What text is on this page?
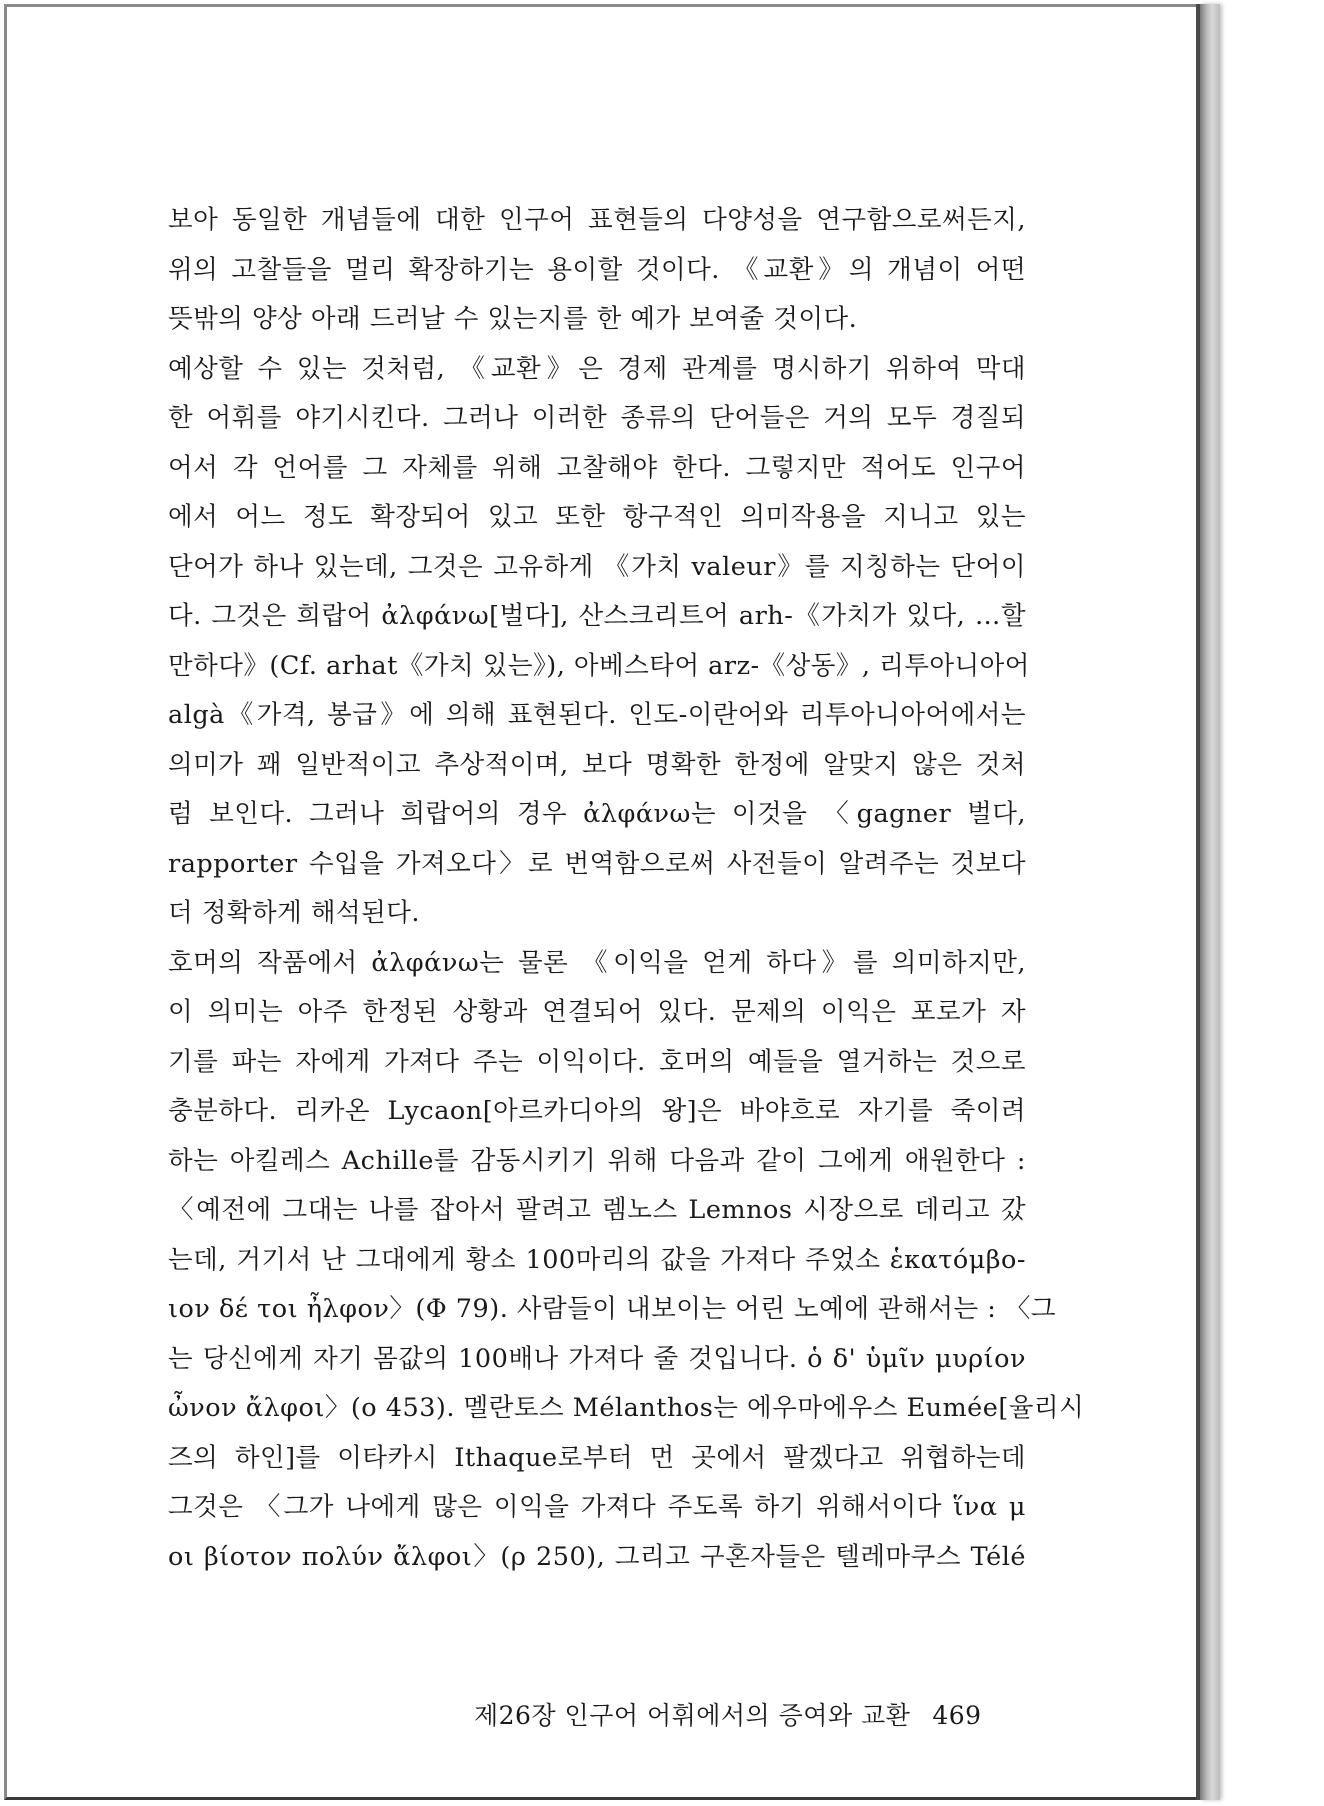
보아 동일한 개념들에 대한 인구어 표현들의 다양성을 연구함으로써든지,
위의 고찰들을 멀리 확장하기는 용이할 것이다. 《교환》의 개념이 어떤
뜻밖의 양상 아래 드러날 수 있는지를 한 예가 보여줄 것이다.
예상할 수 있는 것처럼, 《교환》은 경제 관계를 명시하기 위하여 막대
한 어휘를 야기시킨다. 그러나 이러한 종류의 단어들은 거의 모두 경질되
어서 각 언어를 그 자체를 위해 고찰해야 한다. 그렇지만 적어도 인구어
에서 어느 정도 확장되어 있고 또한 항구적인 의미작용을 지니고 있는
단어가 하나 있는데, 그것은 고유하게 《가치 valeur》를 지칭하는 단어이
다. 그것은 희랍어 ἀλφάνω[벌다], 산스크리트어 arh-《가치가 있다, …할
만하다》(Cf. arhat《가치 있는》), 아베스타어 arz-《상동》, 리투아니아어
algà《가격, 봉급》에 의해 표현된다. 인도-이란어와 리투아니아어에서는
의미가 꽤 일반적이고 추상적이며, 보다 명확한 한정에 알맞지 않은 것처
럼 보인다. 그러나 희랍어의 경우 ἀλφάνω는 이것을 〈gagner 벌다,
rapporter 수입을 가져오다〉로 번역함으로써 사전들이 알려주는 것보다
더 정확하게 해석된다.
호머의 작품에서 ἀλφάνω는 물론 《이익을 얻게 하다》를 의미하지만,
이 의미는 아주 한정된 상황과 연결되어 있다. 문제의 이익은 포로가 자
기를 파는 자에게 가져다 주는 이익이다. 호머의 예들을 열거하는 것으로
충분하다. 리카온 Lycaon[아르카디아의 왕]은 바야흐로 자기를 죽이려
하는 아킬레스 Achille를 감동시키기 위해 다음과 같이 그에게 애원한다 :
〈예전에 그대는 나를 잡아서 팔려고 렘노스 Lemnos 시장으로 데리고 갔
는데, 거기서 난 그대에게 황소 100마리의 값을 가져다 주었소 ἑκατόμβο-
ιον δέ τοι ἦλφον〉(Φ 79). 사람들이 내보이는 어린 노예에 관해서는 : 〈그
는 당신에게 자기 몸값의 100배나 가져다 줄 것입니다. ὁ δ' ὑμῖν μυρίον
ὦνον ἄλφοι〉(ο 453). 멜란토스 Mélanthos는 에우마에우스 Eumée[율리시
즈의 하인]를 이타카시 Ithaque로부터 먼 곳에서 팔겠다고 위협하는데
그것은 〈그가 나에게 많은 이익을 가져다 주도록 하기 위해서이다 ἵνα μ
οι βίοτον πολύν ἄλφοι〉(ρ 250), 그리고 구혼자들은 텔레마쿠스 Télé
제26장 인구어 어휘에서의 증여와 교환 469
